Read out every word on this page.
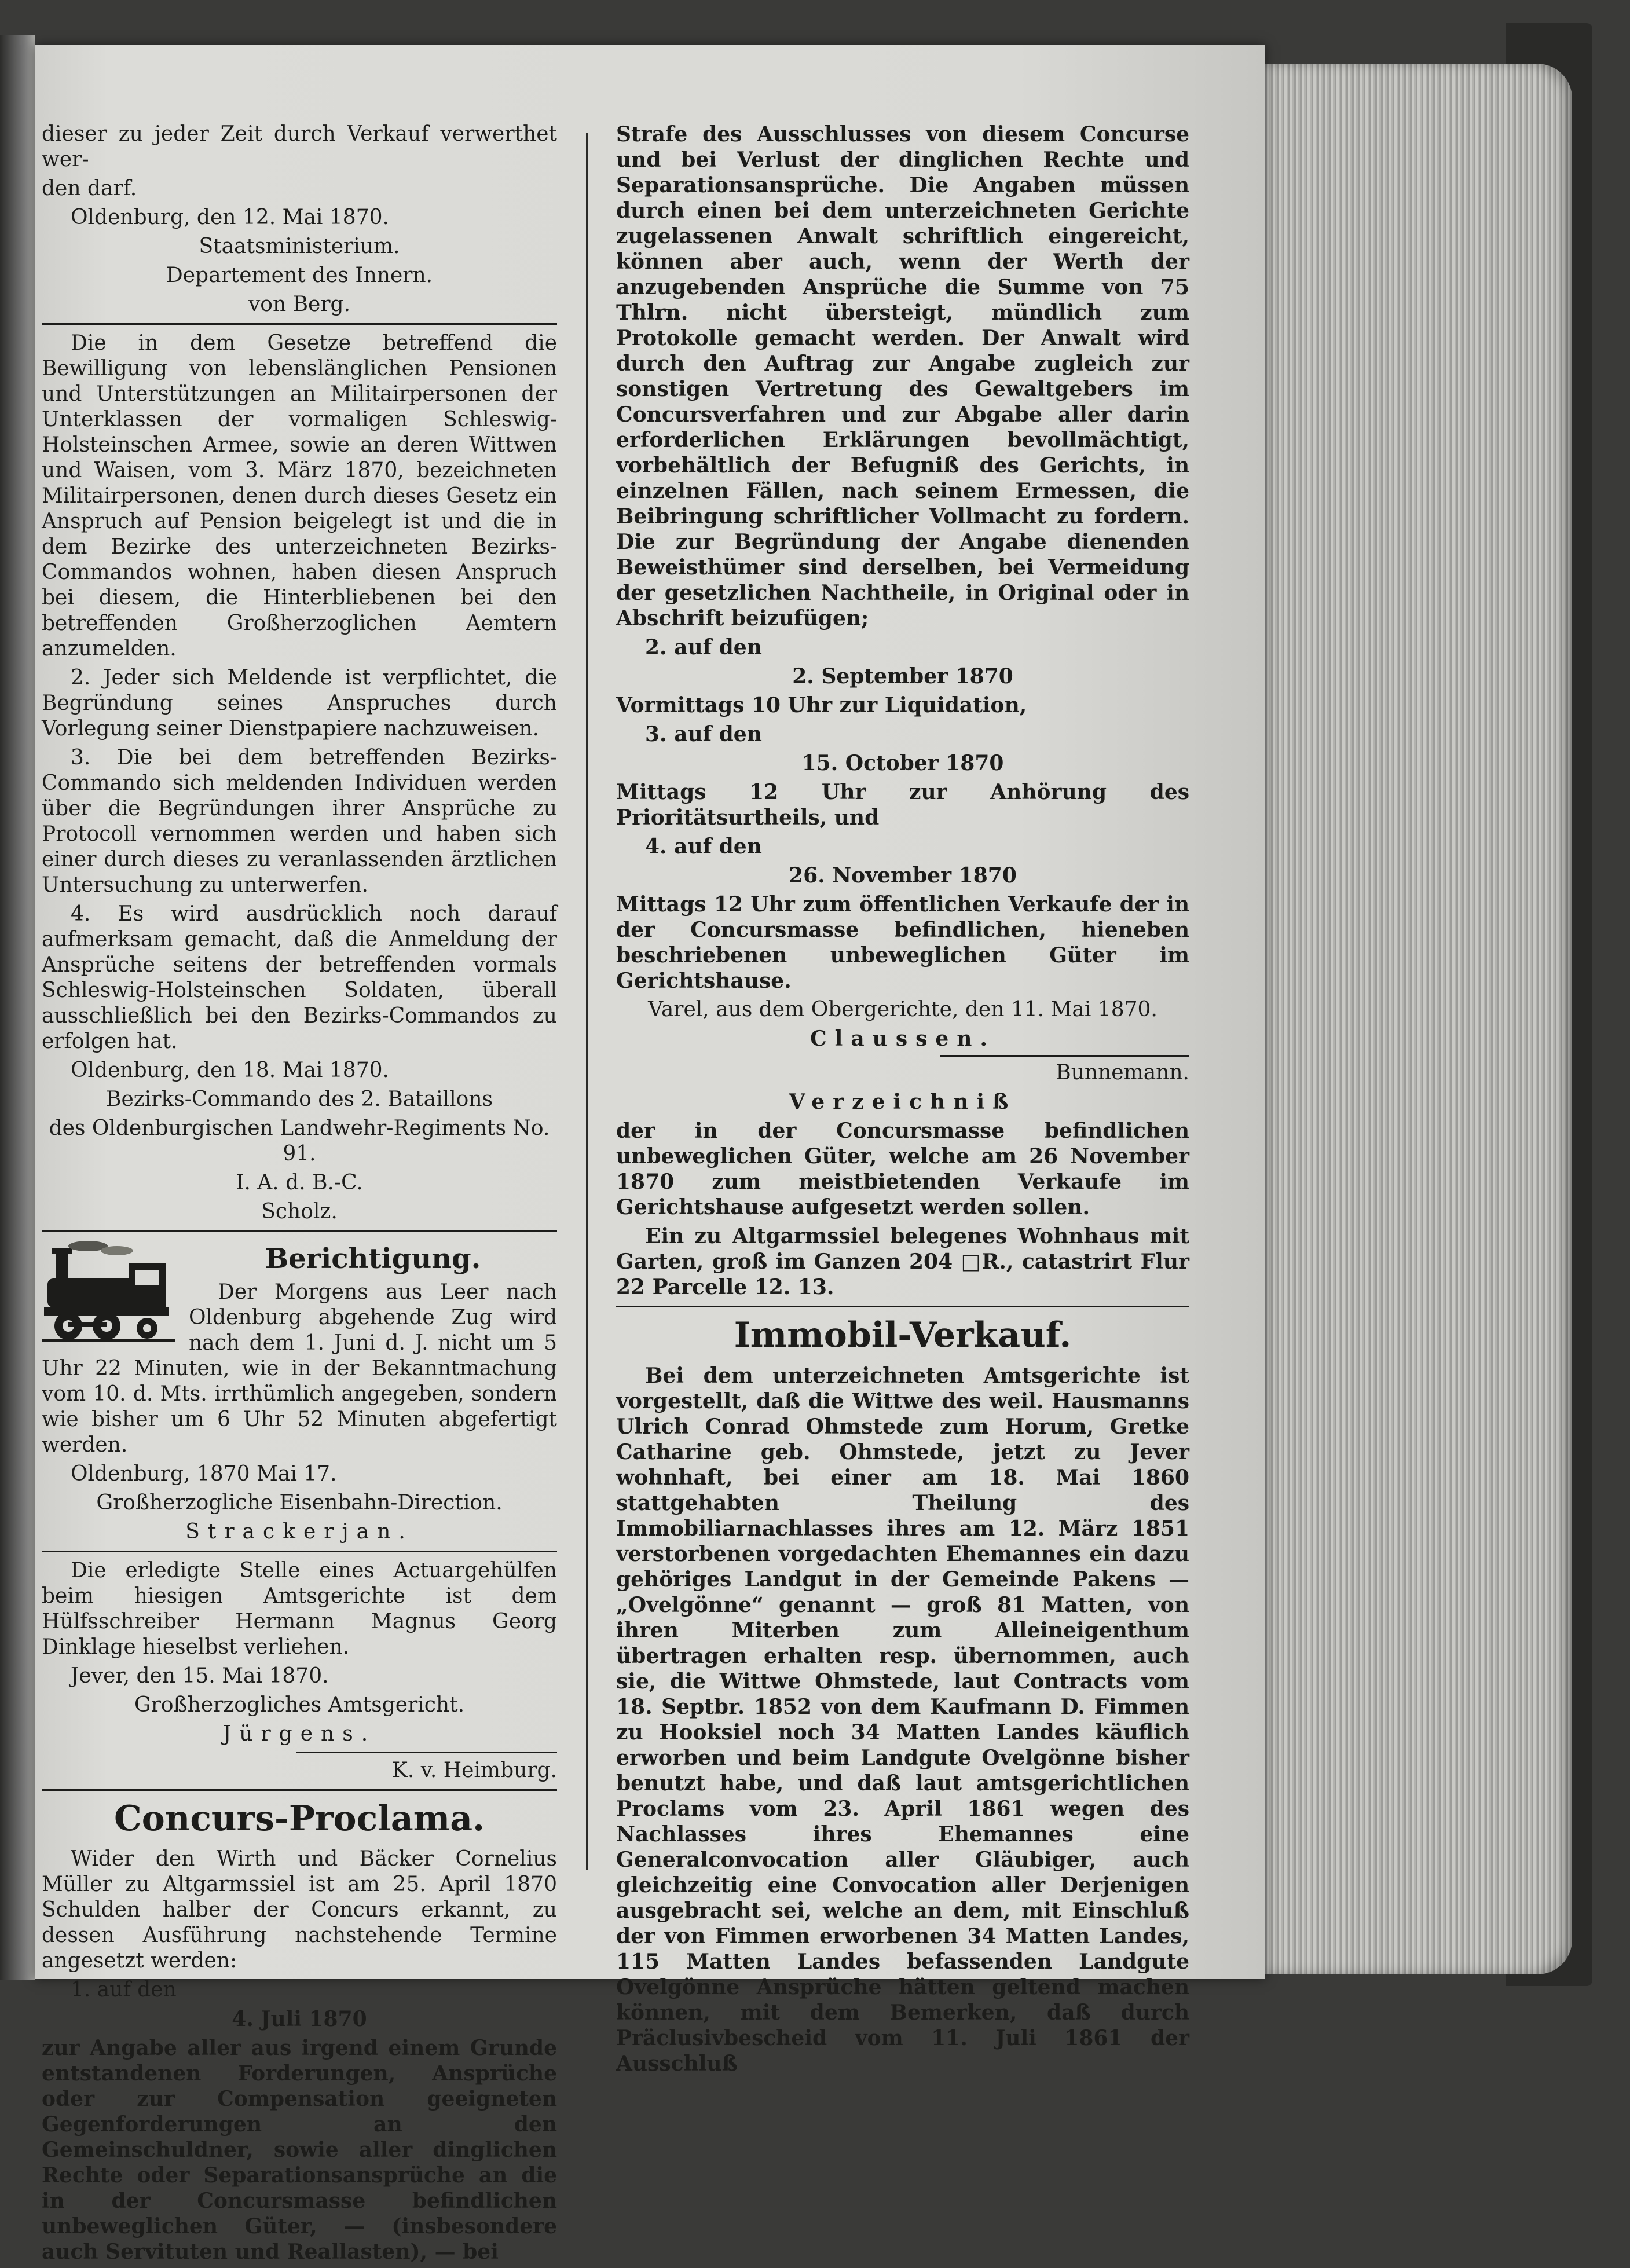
dieser zu jeder Zeit durch Verkauf verwerthet wer-

den darf.

Oldenburg, den 12. Mai 1870.

Staatsministerium.

Departement des Innern.

von Berg.

Die in dem Gesetze betreffend die Bewilligung von lebenslänglichen Pensionen und Unterstützungen an Militairpersonen der Unterklassen der vormaligen Schleswig-Holsteinschen Armee, sowie an deren Wittwen und Waisen, vom 3. März 1870, bezeichneten Militairpersonen, denen durch dieses Gesetz ein Anspruch auf Pension beigelegt ist und die in dem Bezirke des unterzeichneten Bezirks-Commandos wohnen, haben diesen Anspruch bei diesem, die Hinterbliebenen bei den betreffenden Großherzoglichen Aemtern anzumelden.

2. Jeder sich Meldende ist verpflichtet, die Begründung seines Anspruches durch Vorlegung seiner Dienstpapiere nachzuweisen.

3. Die bei dem betreffenden Bezirks-Commando sich meldenden Individuen werden über die Begründungen ihrer Ansprüche zu Protocoll vernommen werden und haben sich einer durch dieses zu veranlassenden ärztlichen Untersuchung zu unterwerfen.

4. Es wird ausdrücklich noch darauf aufmerksam gemacht, daß die Anmeldung der Ansprüche seitens der betreffenden vormals Schleswig-Holsteinschen Soldaten, überall ausschließlich bei den Bezirks-Commandos zu erfolgen hat.

Oldenburg, den 18. Mai 1870.

Bezirks-Commando des 2. Bataillons

des Oldenburgischen Landwehr-Regiments No. 91.

I. A. d. B.-C.

Scholz.

Berichtigung.

Der Morgens aus Leer nach Oldenburg abgehende Zug wird nach dem 1. Juni d. J. nicht um 5 Uhr 22 Minuten, wie in der Bekanntmachung vom 10. d. Mts. irrthümlich angegeben, sondern wie bisher um 6 Uhr 52 Minuten abgefertigt werden.

Oldenburg, 1870 Mai 17.

Großherzogliche Eisenbahn-Direction.

Strackerjan.

Die erledigte Stelle eines Actuargehülfen beim hiesigen Amtsgerichte ist dem Hülfsschreiber Hermann Magnus Georg Dinklage hieselbst verliehen.

Jever, den 15. Mai 1870.

Großherzogliches Amtsgericht.

Jürgens.

K. v. Heimburg.

Concurs-Proclama.

Wider den Wirth und Bäcker Cornelius Müller zu Altgarmssiel ist am 25. April 1870 Schulden halber der Concurs erkannt, zu dessen Ausführung nachstehende Termine angesetzt werden:

1. auf den

4. Juli 1870

zur Angabe aller aus irgend einem Grunde entstandenen Forderungen, Ansprüche oder zur Compensation geeigneten Gegenforderungen an den Gemeinschuldner, sowie aller dinglichen Rechte oder Separationsansprüche an die in der Concursmasse befindlichen unbeweglichen Güter, — (insbesondere auch Servituten und Reallasten), — bei

Strafe des Ausschlusses von diesem Concurse und bei Verlust der dinglichen Rechte und Separationsansprüche. Die Angaben müssen durch einen bei dem unterzeichneten Gerichte zugelassenen Anwalt schriftlich eingereicht, können aber auch, wenn der Werth der anzugebenden Ansprüche die Summe von 75 Thlrn. nicht übersteigt, mündlich zum Protokolle gemacht werden. Der Anwalt wird durch den Auftrag zur Angabe zugleich zur sonstigen Vertretung des Gewaltgebers im Concursverfahren und zur Abgabe aller darin erforderlichen Erklärungen bevollmächtigt, vorbehältlich der Befugniß des Gerichts, in einzelnen Fällen, nach seinem Ermessen, die Beibringung schriftlicher Vollmacht zu fordern. Die zur Begründung der Angabe dienenden Beweisthümer sind derselben, bei Vermeidung der gesetzlichen Nachtheile, in Original oder in Abschrift beizufügen;

2. auf den

2. September 1870

Vormittags 10 Uhr zur Liquidation,

3. auf den

15. October 1870

Mittags 12 Uhr zur Anhörung des Prioritätsurtheils, und

4. auf den

26. November 1870

Mittags 12 Uhr zum öffentlichen Verkaufe der in der Concursmasse befindlichen, hieneben beschriebenen unbeweglichen Güter im Gerichtshause.

Varel, aus dem Obergerichte, den 11. Mai 1870.

Claussen.

Bunnemann.

Verzeichniß

der in der Concursmasse befindlichen unbeweglichen Güter, welche am 26 November 1870 zum meistbietenden Verkaufe im Gerichtshause aufgesetzt werden sollen.

Ein zu Altgarmssiel belegenes Wohnhaus mit Garten, groß im Ganzen 204 □R., catastrirt Flur 22 Parcelle 12. 13.

Immobil-Verkauf.

Bei dem unterzeichneten Amtsgerichte ist vorgestellt, daß die Wittwe des weil. Hausmanns Ulrich Conrad Ohmstede zum Horum, Gretke Catharine geb. Ohmstede, jetzt zu Jever wohnhaft, bei einer am 18. Mai 1860 stattgehabten Theilung des Immobiliarnachlasses ihres am 12. März 1851 verstorbenen vorgedachten Ehemannes ein dazu gehöriges Landgut in der Gemeinde Pakens — „Ovelgönne“ genannt — groß 81 Matten, von ihren Miterben zum Alleineigenthum übertragen erhalten resp. übernommen, auch sie, die Wittwe Ohmstede, laut Contracts vom 18. Septbr. 1852 von dem Kaufmann D. Fimmen zu Hooksiel noch 34 Matten Landes käuflich erworben und beim Landgute Ovelgönne bisher benutzt habe, und daß laut amtsgerichtlichen Proclams vom 23. April 1861 wegen des Nachlasses ihres Ehemannes eine Generalconvocation aller Gläubiger, auch gleichzeitig eine Convocation aller Derjenigen ausgebracht sei, welche an dem, mit Einschluß der von Fimmen erworbenen 34 Matten Landes, 115 Matten Landes befassenden Landgute Ovelgönne Ansprüche hätten geltend machen können, mit dem Bemerken, daß durch Präclusivbescheid vom 11. Juli 1861 der Ausschluß
